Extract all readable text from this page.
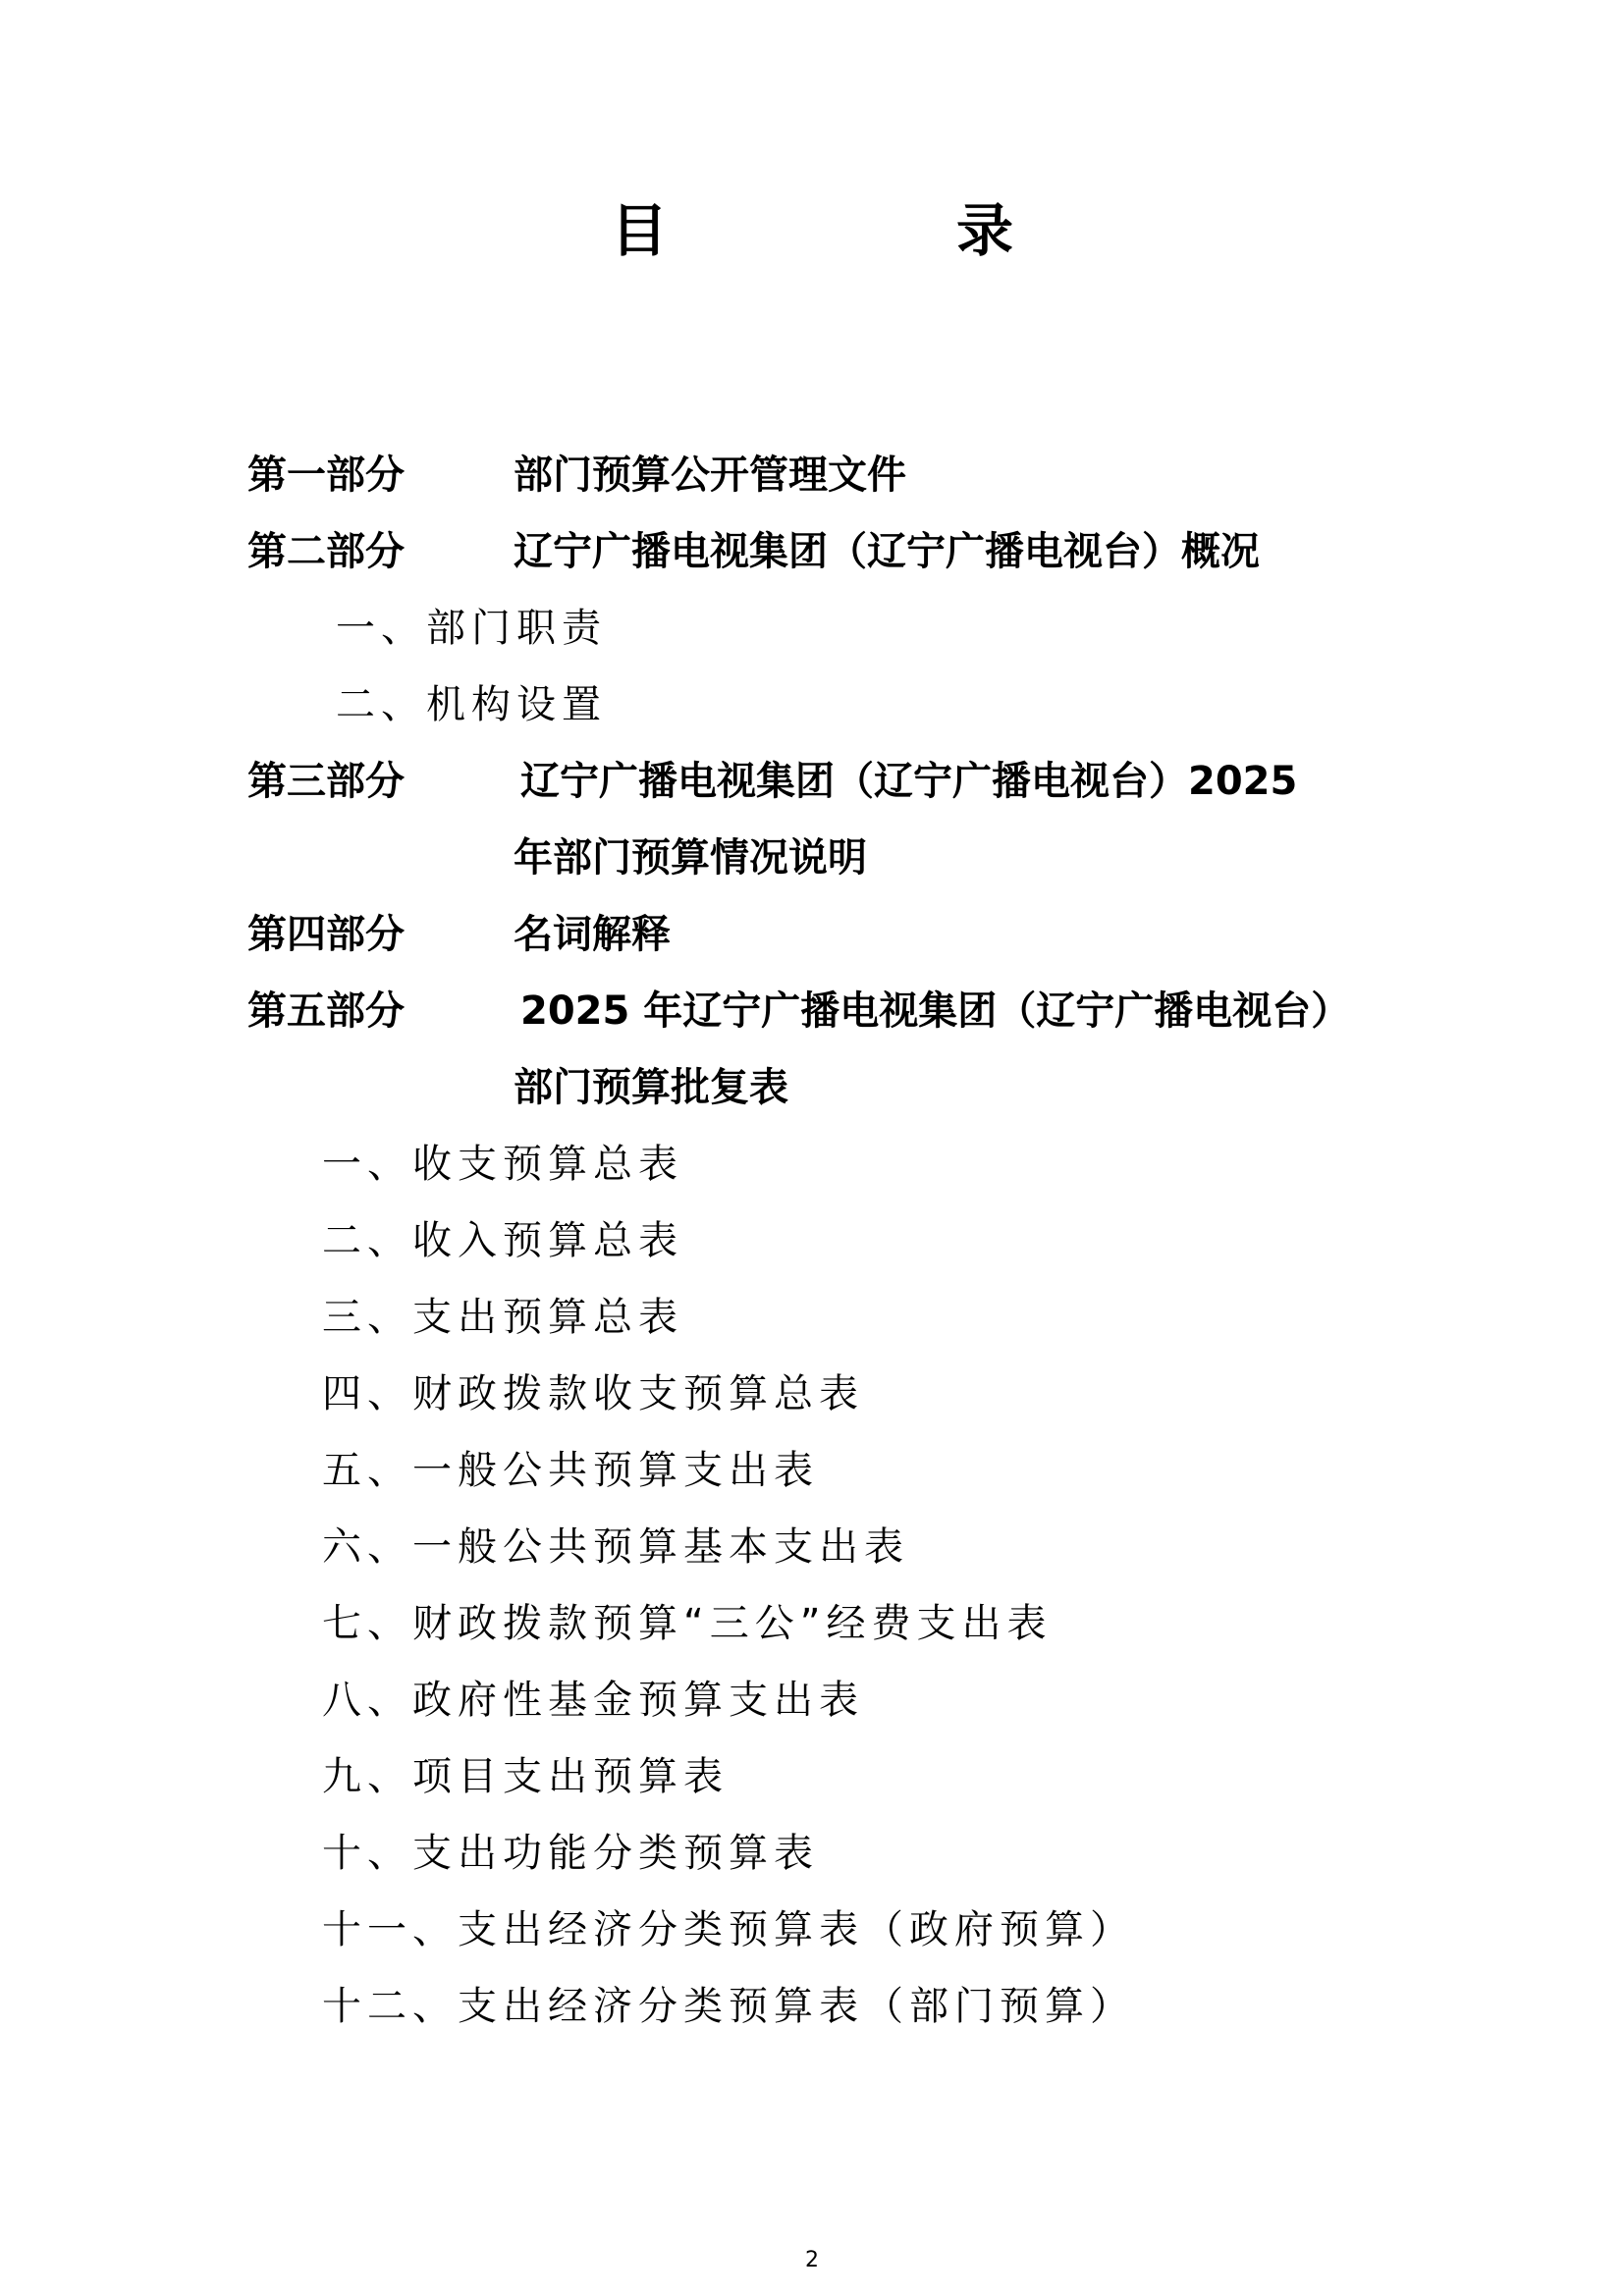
目　录
第一部分	部门预算公开管理文件
第二部分	辽宁广播电视集团（辽宁广播电视台）概况
一、部门职责
二、机构设置
第三部分	辽宁广播电视集团（辽宁广播电视台）2025
年部门预算情况说明
第四部分	名词解释
第五部分	2025 年辽宁广播电视集团（辽宁广播电视台）
部门预算批复表
一、收支预算总表
二、收入预算总表
三、支出预算总表
四、财政拨款收支预算总表
五、一般公共预算支出表
六、一般公共预算基本支出表
七、财政拨款预算“三公”经费支出表
八、政府性基金预算支出表
九、项目支出预算表
十、支出功能分类预算表
十一、支出经济分类预算表（政府预算）
十二、支出经济分类预算表（部门预算）
2
